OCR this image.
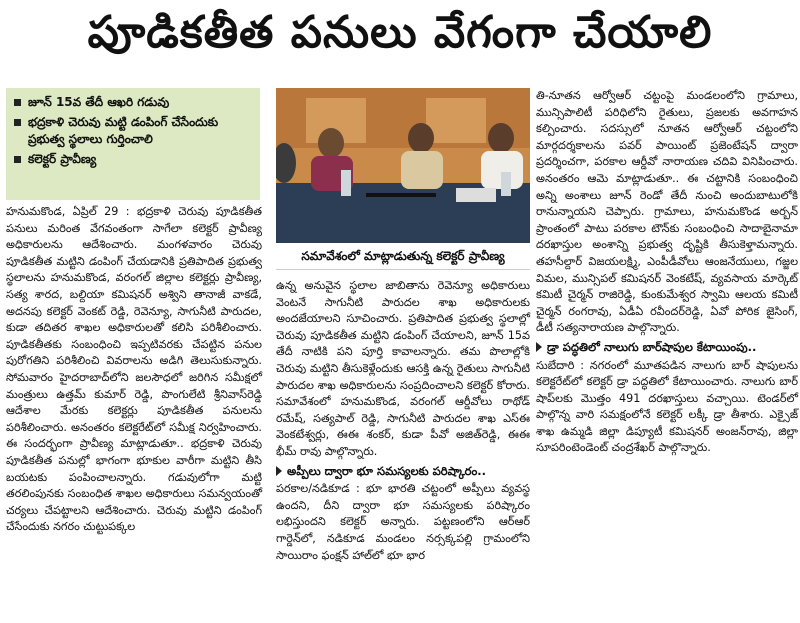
పూడికతీత పనులు వేగంగా చేయాలి
జూన్ 15వ తేదీ ఆఖరి గడువు
భద్రకాళి చెరువు మట్టి డంపింగ్ చేసేందుకు ప్రభుత్వ స్థలాలు గుర్తించాలి
కలెక్టర్ ప్రావీణ్య

హనుమకొండ, ఏప్రిల్ 29 : భద్రకాళి చెరువు పూడికతీత పనులు మరింత వేగవంతంగా సాగేలా కలెక్టర్ ప్రావీణ్య అధికారులను ఆదేశించారు. మంగళవారం చెరువు పూడికతీత మట్టిని డంపింగ్ చేయడానికి ప్రతిపాదిత ప్రభుత్వ స్థలాలను హనుమకొండ, వరంగల్ జిల్లాల కలెక్టర్లు ప్రావీణ్య, సత్య శారద, బల్దియా కమిషనర్ అశ్విని తానాజీ వాకడే, అదనపు కలెక్టర్ వెంకట్ రెడ్డి, రెవెన్యూ, సాగునీటి పారుదల, కుడా తదితర శాఖల అధికారులతో కలిసి పరిశీలించారు. పూడికతీతకు సంబంధించి ఇప్పటివరకు చేపట్టిన పనుల పురోగతిని పరిశీలించి వివరాలను అడిగి తెలుసుకున్నారు. సోమవారం హైదరాబాద్‌లోని జలసౌధలో జరిగిన సమీక్షలో మంత్రులు ఉత్తమ్ కుమార్ రెడ్డి, పొంగులేటి శ్రీనివాస్‌రెడ్డి ఆదేశాల మేరకు కలెక్టర్లు పూడికతీత పనులను పరిశీలించారు. అనంతరం కలెక్టరేట్‌లో సమీక్ష నిర్వహించారు. ఈ సందర్భంగా ప్రావీణ్య మాట్లాడుతూ.. భద్రకాళి చెరువు పూడికతీత పనుల్లో భాగంగా భూకుల వారీగా మట్టిని తీసి బయటకు పంపించాలన్నారు. గడువులోగా మట్టి తరలింపునకు సంబంధిత శాఖల అధికారులు సమన్వయంతో చర్యలు చేపట్టాలని ఆదేశించారు. చెరువు మట్టిని డంపింగ్ చేసేందుకు నగరం చుట్టుపక్కల

సమావేశంలో మాట్లాడుతున్న కలెక్టర్ ప్రావీణ్య

ఉన్న అనువైన స్థలాల జాబితాను రెవెన్యూ అధికారులు వెంటనే సాగునీటి పారుదల శాఖ అధికారులకు అందజేయాలని సూచించారు. ప్రతిపాదిత ప్రభుత్వ స్థలాల్లో చెరువు పూడికతీత మట్టిని డంపింగ్ చేయాలని, జూన్ 15వ తేదీ నాటికి పని పూర్తి కావాలన్నారు. తమ పొలాల్లోకి చెరువు మట్టిని తీసుకెళ్లేందుకు ఆసక్తి ఉన్న రైతులు సాగునీటి పారుదల శాఖ అధికారులను సంప్రదించాలని కలెక్టర్ కోరారు. సమావేశంలో హనుమకొండ, వరంగల్ ఆర్డీవోలు రాథోడ్ రమేష్, సత్యపాల్ రెడ్డి, సాగునీటి పారుదల శాఖ ఎస్ఈ వెంకటేశ్వర్లు, ఈఈ శంకర్, కుడా పీవో అజిత్‌రెడ్డి, ఈఈ భీమ్ రావు పాల్గొన్నారు.

అప్పీలు ద్వారా భూ సమస్యలకు పరిష్కారం..

పరకాల/నడికూడ : భూ భారతి చట్టంలో అప్పీలు వ్యవస్థ ఉందని, దీని ద్వారా భూ సమస్యలకు పరిష్కారం లభిస్తుందని కలెక్టర్ అన్నారు. పట్టణంలోని ఆర్ఆర్ గార్డెన్‌లో, నడికూడ మండలం నర్సక్కపల్లి గ్రామంలోని సాయిరాం ఫంక్షన్ హాల్‌లో భూ భార

తి-నూతన ఆర్వోఆర్ చట్టంపై మండలంలోని గ్రామాలు, మున్సిపాలిటీ పరిధిలోని రైతులు, ప్రజలకు అవగాహన కల్పించారు. సదస్సులో నూతన ఆర్వోఆర్ చట్టంలోని మార్గదర్శకాలను పవర్ పాయింట్ ప్రజెంటేషన్ ద్వారా ప్రదర్శించగా, పరకాల ఆర్డీవో నారాయణ చదివి వినిపించారు. అనంతరం ఆమె మాట్లాడుతూ.. ఈ చట్టానికి సంబంధించి అన్ని అంశాలు జూన్ రెండో తేదీ నుంచి అందుబాటులోకి రానున్నాయని చెప్పారు. గ్రామాలు, హనుమకొండ అర్బన్ ప్రాంతంలో పాటు పరకాల టౌన్‌కు సంబంధించి సాదాబైనామా దరఖాస్తుల అంశాన్ని ప్రభుత్వ దృష్టికి తీసుకెళ్తామన్నారు. తహసీల్దార్ విజయలక్ష్మి, ఎంపీడీవోలు ఆంజనేయులు, గజ్జల విమల, మున్సిపల్ కమిషనర్ వెంకటేష్, వ్యవసాయ మార్కెట్ కమిటీ చైర్మన్ రాజిరెడ్డి, కుంకుమేశ్వర స్వామి ఆలయ కమిటీ చైర్మన్ రంగరావు, ఏడీఏ రవీందర్‌రెడ్డి, ఏవో పోరిక జైసింగ్, డీటీ సత్యనారాయణ పాల్గొన్నారు.

డ్రా పద్ధతిలో నాలుగు బార్‌షాపుల కేటాయింపు..

సుబేదారి : నగరంలో మూతపడిన నాలుగు బార్ షాపులను కలెక్టరేట్‌లో కలెక్టర్ డ్రా పద్ధతిలో కేటాయించారు. నాలుగు బార్ షాప్‌లకు మొత్తం 491 దరఖాస్తులు వచ్చాయి. టెండర్‌లో పాల్గొన్న వారి సమక్షంలోనే కలెక్టర్ లక్కీ డ్రా తీశారు. ఎక్సైజ్ శాఖ ఉమ్మడి జిల్లా డిప్యూటీ కమిషనర్ అంజన్‌రావు, జిల్లా సూపరింటెండెంట్ చంద్రశేఖర్ పాల్గొన్నారు.
